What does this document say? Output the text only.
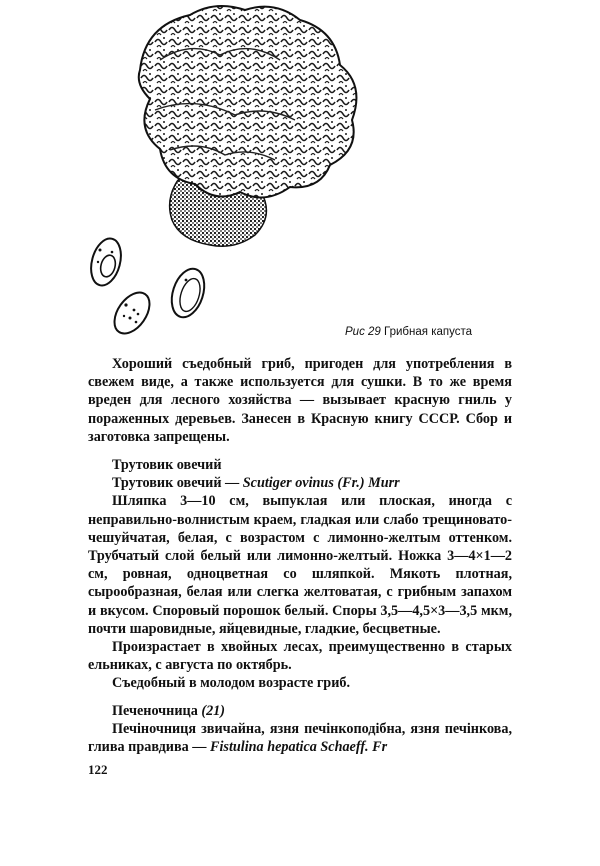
Рис 29 Грибная капуста

Хороший съедобный гриб, пригоден для употребления в свежем виде, а также используется для сушки. В то же время вреден для лесного хозяйства — вызывает красную гниль у пораженных деревьев. Занесен в Красную книгу СССР. Сбор и заготовка запрещены.

Трутовик овечий

Трутовик овечий — Scutiger ovinus (Fr.) Murr

Шляпка 3—10 см, выпуклая или плоская, иногда с неправильно-волнистым краем, гладкая или слабо трещиновато-чешуйчатая, белая, с возрастом с лимонно-желтым оттенком. Трубчатый слой белый или лимонно-желтый. Ножка 3—4×1—2 см, ровная, одноцветная со шляпкой. Мякоть плотная, сырообразная, белая или слегка желтоватая, с грибным запахом и вкусом. Споровый порошок белый. Споры 3,5—4,5×3—3,5 мкм, почти шаровидные, яйцевидные, гладкие, бесцветные.

Произрастает в хвойных лесах, преимущественно в старых ельниках, с августа по октябрь.

Съедобный в молодом возрасте гриб.

Печеночница (21)

Печіночниця звичайна, язня печінкоподібна, язня печінкова, глива правдива — Fistulina hepatica Schaeff. Fr

122
